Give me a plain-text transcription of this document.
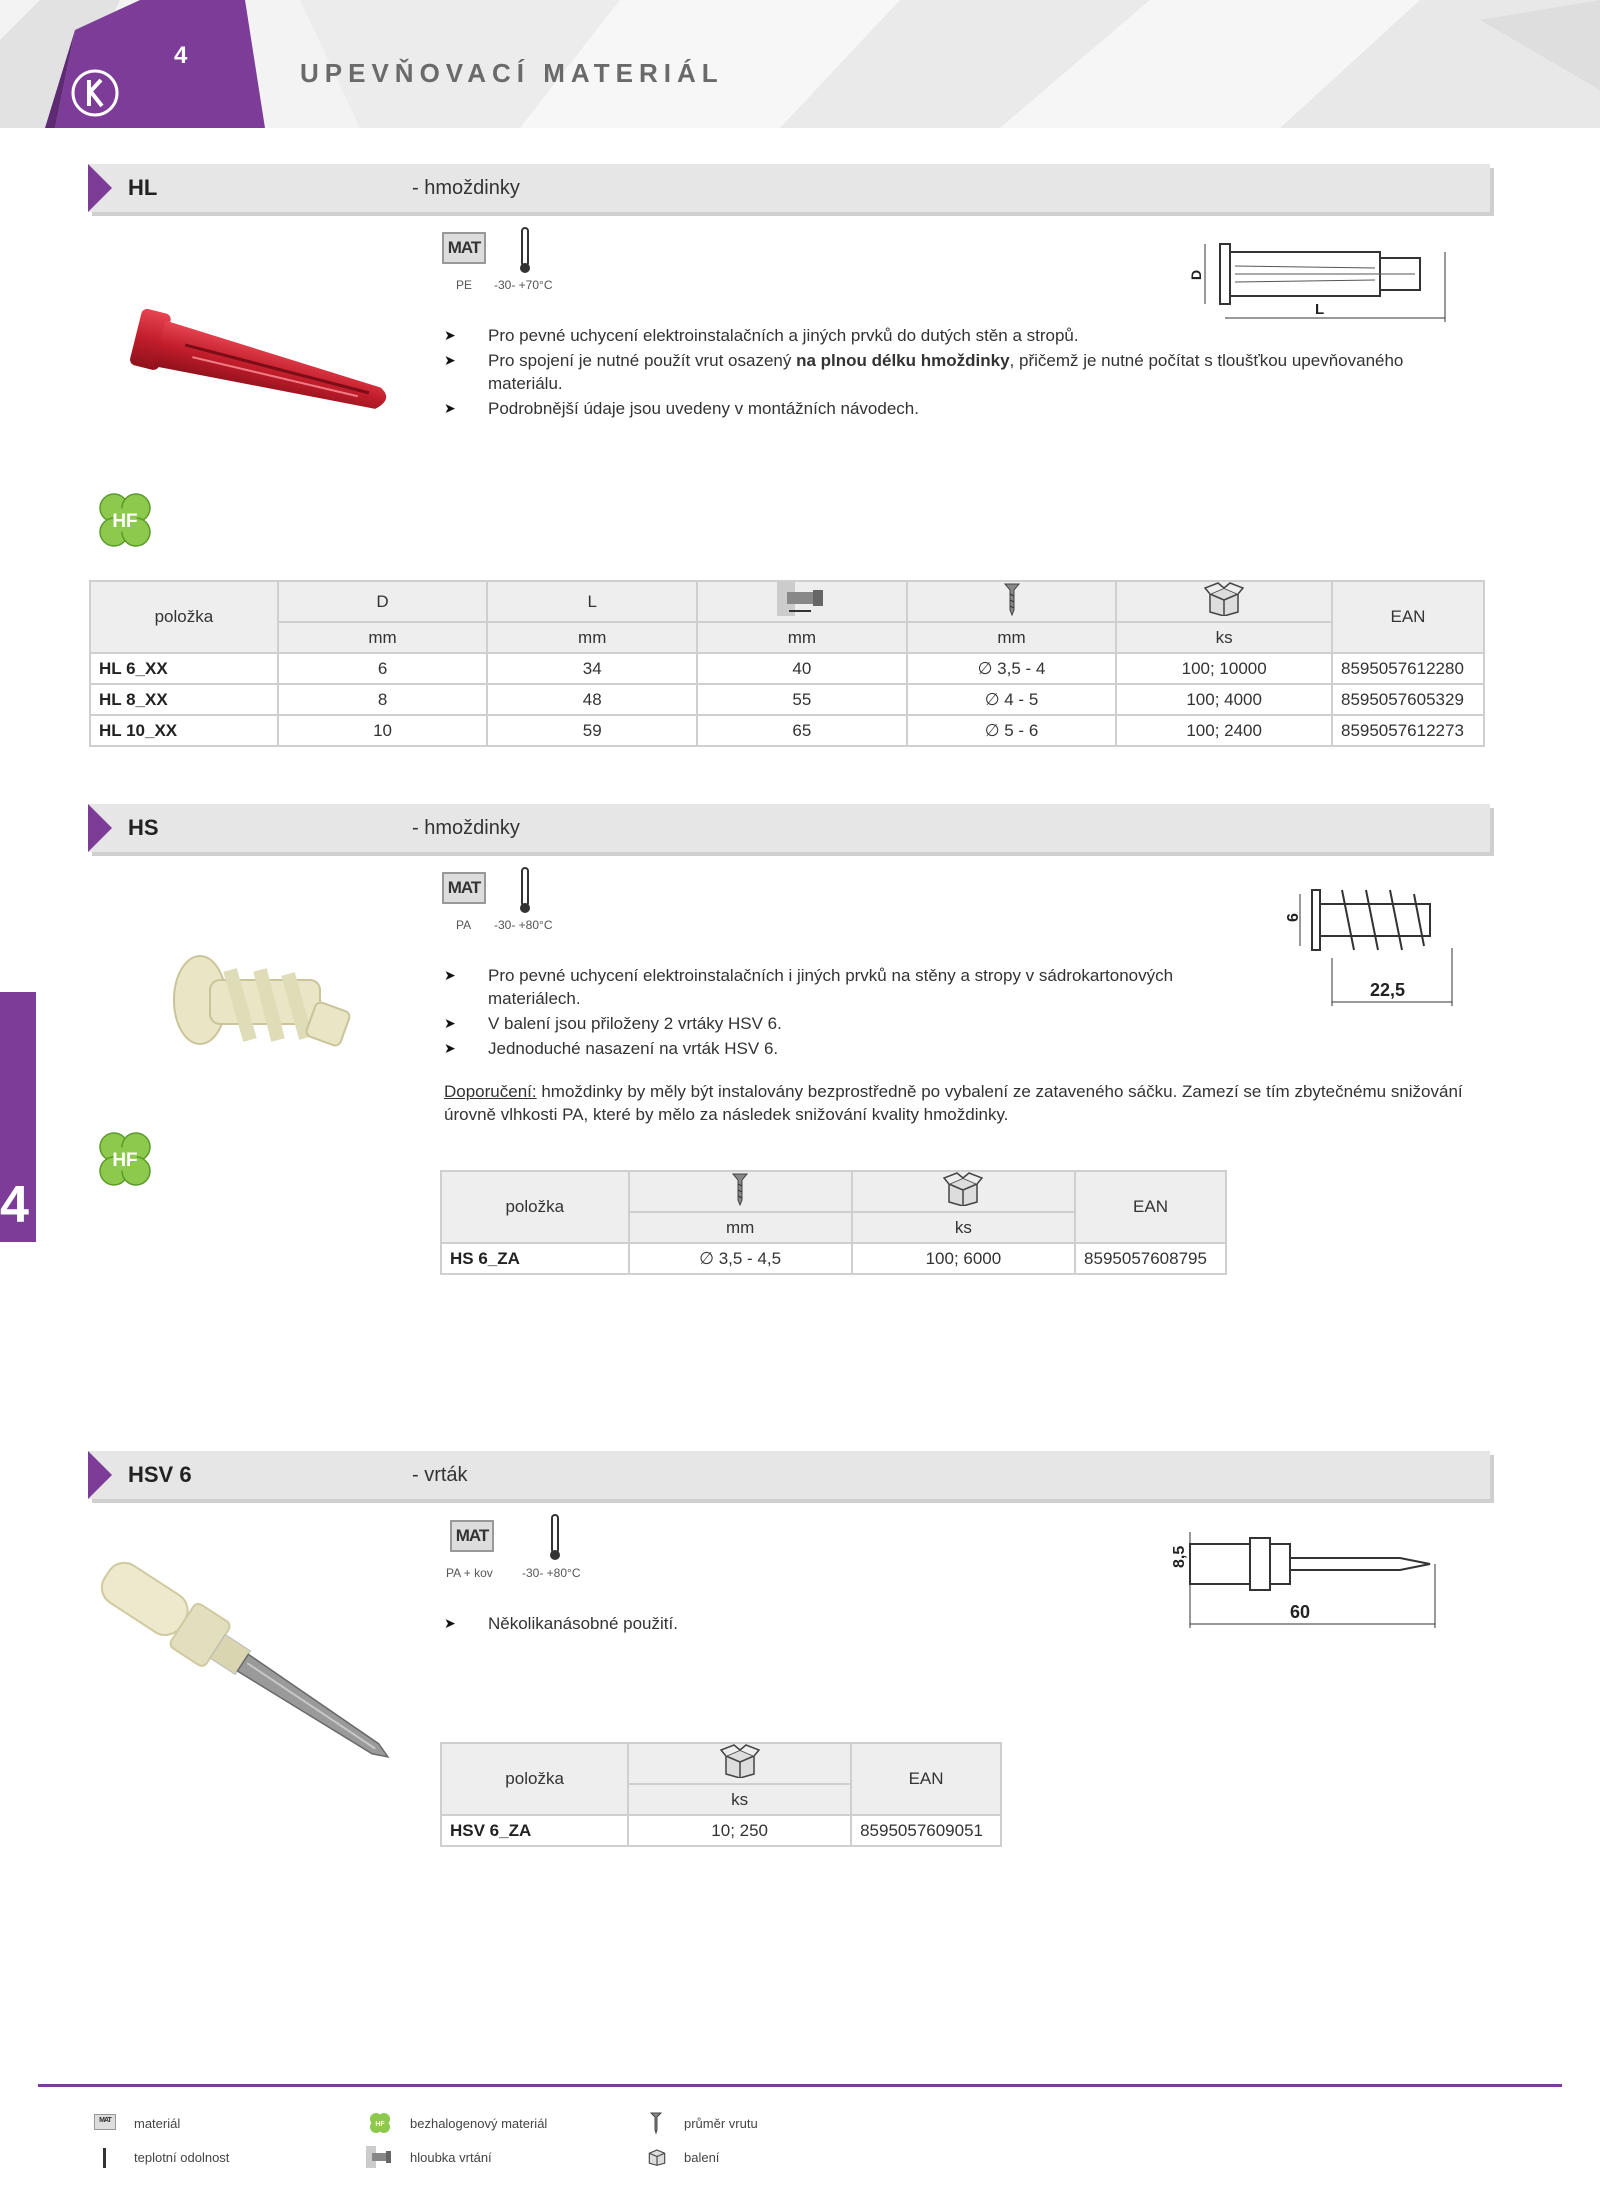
4
UPEVŇOVACÍ MATERIÁL
4
HL	- hmoždinky
MAT
PE -30- +70°C
D
L
➤ Pro pevné uchycení elektroinstalačních a jiných prvků do dutých stěn a stropů.
➤ Pro spojení je nutné použít vrut osazený na plnou délku hmoždinky, přičemž je nutné počítat s tloušťkou upevňovaného materiálu.
➤ Podrobnější údaje jsou uvedeny v montážních návodech.
HF
položka	D	L				EAN
	mm	mm	mm	mm	ks	
HL 6_XX	6	34	40	∅ 3,5 - 4	100; 10000	8595057612280
HL 8_XX	8	48	55	∅ 4 - 5	100; 4000	8595057605329
HL 10_XX	10	59	65	∅ 5 - 6	100; 2400	8595057612273
HS	- hmoždinky
MAT
PA -30- +80°C
6
22,5
➤ Pro pevné uchycení elektroinstalačních i jiných prvků na stěny a stropy v sádrokartonových materiálech.
➤ V balení jsou přiloženy 2 vrtáky HSV 6.
➤ Jednoduché nasazení na vrták HSV 6.
Doporučení: hmoždinky by měly být instalovány bezprostředně po vybalení ze zataveného sáčku. Zamezí se tím zbytečnému snižování úrovně vlhkosti PA, které by mělo za následek snižování kvality hmoždinky.
HF
položka			EAN
	mm	ks	
HS 6_ZA	∅ 3,5 - 4,5	100; 6000	8595057608795
HSV 6	- vrták
MAT
PA + kov -30- +80°C
8,5
60
➤ Několikanásobné použití.
položka		EAN
	ks	
HSV 6_ZA	10; 250	8595057609051
MAT	materiál
teplotní odolnost
HF bezhalogenový materiál
hloubka vrtání
průměr vrutu
balení
